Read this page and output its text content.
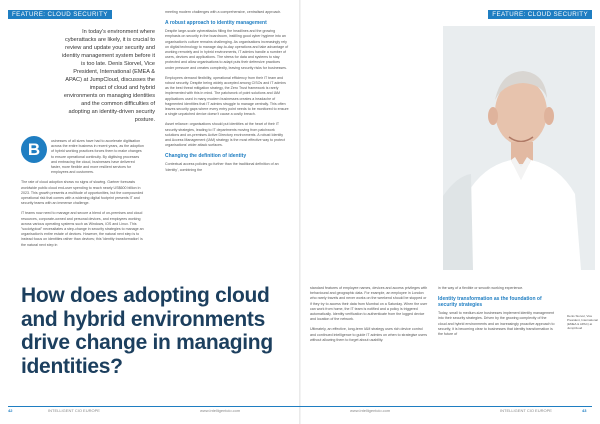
FEATURE: CLOUD SECURITY	FEATURE: CLOUD SECURITY
In today's environment where cyberattacks are likely, it is crucial to review and update your security and identity management system before it is too late. Denis Siorvel, Vice President, International (EMEA & APAC) at JumpCloud, discusses the impact of cloud and hybrid environments on managing identities and the common difficulties of adopting an identity-driven security posture.
B	usinesses of all sizes have had to accelerate digitisation across the entire business in recent years, as the adoption of hybrid working practices forces them to make changes to ensure operational continuity. By digitising processes and embracing the cloud, businesses have delivered faster, more flexible and more resilient services for employees and customers.

The rate of cloud adoption shows no signs of slowing. Gartner forecasts worldwide public cloud end-user spending to reach nearly US$600 billion in 2023. This growth presents a multitude of opportunities, but the compounded operational risk that comes with a widening digital footprint presents IT and security teams with an immense challenge.

IT teams now need to manage and secure a blend of on-premises and cloud resources, corporate-owned and personal devices, and employees working across various operating systems such as Windows, iOS and Linux. This "sociotypical" necessitates a step-change in security strategies to manage an organisation's entire estate of devices. However, the natural next step is to instead focus on identities rather than devices; this 'identity transformation' is the natural next step in

meeting modern challenges with a comprehensive, centralised approach.

A robust approach to identity management

Despite large-scale cyberattacks filling the headlines and the growing emphasis on security in the boardroom, instilling good cyber hygiene into an organisation's culture remains challenging. As organisations increasingly rely on digital technology to manage day-to-day operations and take advantage of working remotely and in hybrid environments, IT admins handle a number of users, devices and applications. The stress for data and systems to stay protected and allow organisations to adapt puts their defensive practices under pressure and creates complexity, leaving security risks for businesses.

Employees demand flexibility, operational efficiency from their IT team and robust security. Despite being widely accepted among CISOs and IT admins as the best threat mitigation strategy, the Zero Trust framework is rarely implemented with this in mind. The patchwork of point solutions and IAM applications used in many modern businesses creates a headache of fragmented identities that IT admins struggle to manage centrally. This often leaves security gaps where every entry point needs to be monitored to ensure a single unpatched device doesn't cause a costly breach.

Asset reliance: organisations should put identities at the heart of their IT security strategies, leading to IT departments moving from patchwork solutions and on-premises Active Directory environments. A robust Identity and Access Management (IAM) strategy is the most effective way to protect organisations' wider attack surfaces.

Changing the definition of identity

Contextual access policies go further than the traditional definition of an 'identity', combining the

Denis Siorvel, Vice President, International (EMEA & APAC) at JumpCloud
How does adopting cloud and hybrid environments drive change in managing identities?

standard features of employee names, devices and access privileges with behavioural and geographic data. For example, an employee in London who rarely travels and never works on the weekend should be stopped or if they try to access their data from Mumbai on a Saturday. When the user can work from home, the IT team is notified and a policy is triggered automatically. Identity verification to authenticate from the logged device and location of the network.

Ultimately, an effective, long-term IAM strategy uses rich device control and continued intelligence to guide IT admins on when to strategise users without allowing them to forget about usability.

in the way of a flexible or smooth working experience.

Identity transformation as the foundation of security strategies

Today, small to medium-size businesses implement identity management into their security strategies. Driven by the growing complexity of the cloud and hybrid environments and an increasingly proactive approach to security, it is becoming clear to businesses that identity transformation is the future of

42	INTELLIGENT CIO EUROPE	www.intelligentcio.com	www.intelligentcio.com	INTELLIGENT CIO EUROPE	43
